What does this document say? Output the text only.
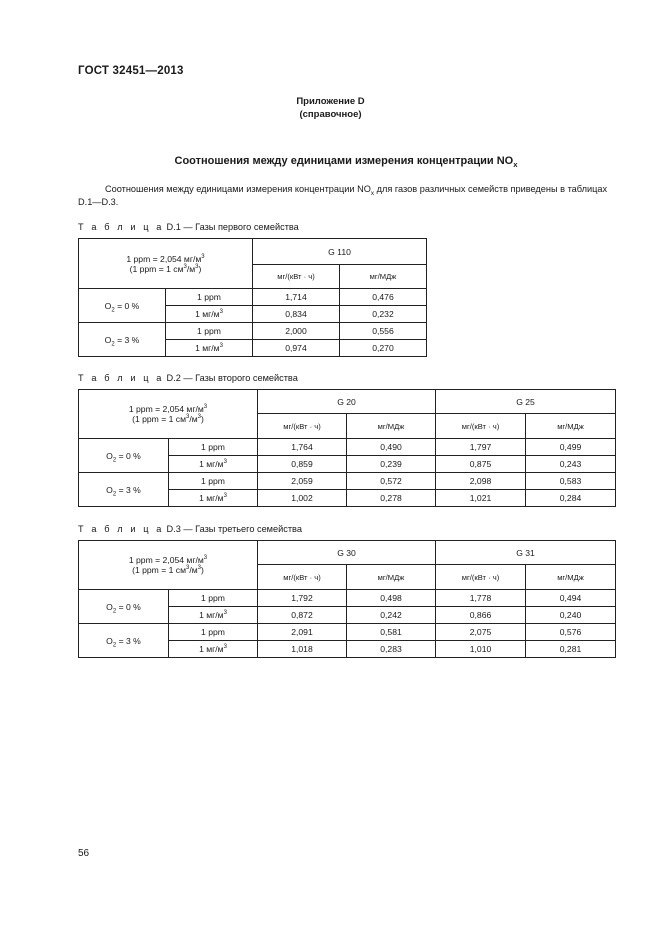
ГОСТ 32451—2013
Приложение D
(справочное)
Соотношения между единицами измерения концентрации $NO_x$
Соотношения между единицами измерения концентрации $NO_x$ для газов различных семейств приведены в таблицах D.1—D.3.
Т а б л и ц а D.1 — Газы первого семейства
1 ppm = 2,054 $мг/м^3$
(1 ppm = 1 $см^3/м^3$)		G 110	
		мг/(кВт · ч)	мг/МДж
$O_2 = 0$ %	1 ppm	1,714	0,476
	1 $мг/м^3$	0,834	0,232
$O_2 = 3$ %	1 ppm	2,000	0,556
	1 $мг/м^3$	0,974	0,270
Т а б л и ц а D.2 — Газы второго семейства
1 ppm = 2,054 $мг/м^3$
(1 ppm = 1 $см^3/м^3$)		G 20		G 25	
		мг/(кВт · ч)	мг/МДж	мг/(кВт · ч)	мг/МДж
$O_2 = 0$ %	1 ppm	1,764	0,490	1,797	0,499
	1 $мг/м^3$	0,859	0,239	0,875	0,243
$O_2 = 3$ %	1 ppm	2,059	0,572	2,098	0,583
	1 $мг/м^3$	1,002	0,278	1,021	0,284
Т а б л и ц а D.3 — Газы третьего семейства
1 ppm = 2,054 $мг/м^3$
(1 ppm = 1 $см^3/м^3$)		G 30		G 31	
		мг/(кВт · ч)	мг/МДж	мг/(кВт · ч)	мг/МДж
$O_2 = 0$ %	1 ppm	1,792	0,498	1,778	0,494
	1 $мг/м^3$	0,872	0,242	0,866	0,240
$O_2 = 3$ %	1 ppm	2,091	0,581	2,075	0,576
	1 $мг/м^3$	1,018	0,283	1,010	0,281
56
